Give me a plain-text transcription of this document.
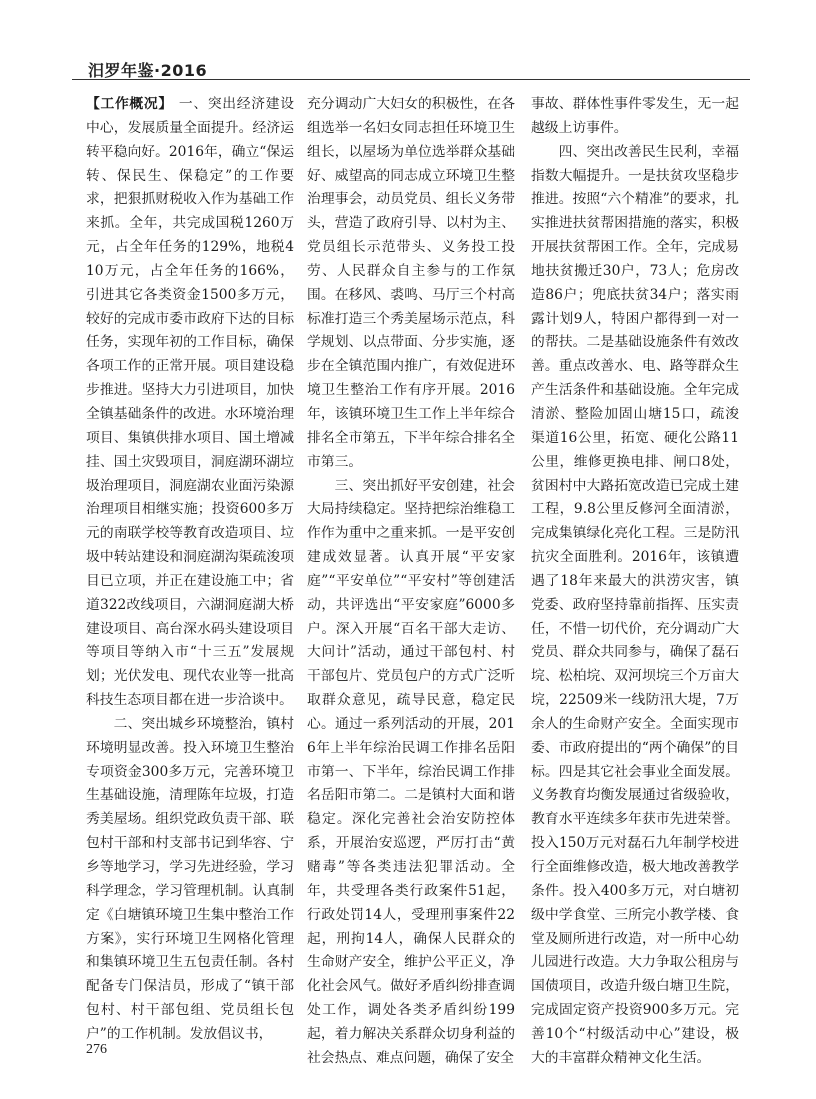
汨罗年鉴·2016

【工作概况】 一、突出经济建设中心，发展质量全面提升。经济运转平稳向好。2016年，确立“保运转、保民生、保稳定”的工作要求，把狠抓财税收入作为基础工作来抓。全年，共完成国税1260万元，占全年任务的129%，地税410万元，占全年任务的166%，引进其它各类资金1500多万元，较好的完成市委市政府下达的目标任务，实现年初的工作目标，确保各项工作的正常开展。项目建设稳步推进。坚持大力引进项目，加快全镇基础条件的改进。水环境治理项目、集镇供排水项目、国土增减挂、国土灾毁项目，洞庭湖环湖垃圾治理项目，洞庭湖农业面污染源治理项目相继实施；投资600多万元的南联学校等教育改造项目、垃圾中转站建设和洞庭湖沟渠疏浚项目已立项，并正在建设施工中；省道322改线项目，六湖洞庭湖大桥建设项目、高台深水码头建设项目等项目等纳入市“十三五”发展规划；光伏发电、现代农业等一批高科技生态项目都在进一步洽谈中。

二、突出城乡环境整治，镇村环境明显改善。投入环境卫生整治专项资金300多万元，完善环境卫生基础设施，清理陈年垃圾，打造秀美屋场。组织党政负责干部、联包村干部和村支部书记到华容、宁乡等地学习，学习先进经验，学习科学理念，学习管理机制。认真制定《白塘镇环境卫生集中整治工作方案》，实行环境卫生网格化管理和集镇环境卫生五包责任制。各村配备专门保洁员，形成了“镇干部包村、村干部包组、党员组长包户”的工作机制。发放倡议书，

充分调动广大妇女的积极性，在各组选举一名妇女同志担任环境卫生组长，以屋场为单位选举群众基础好、威望高的同志成立环境卫生整治理事会，动员党员、组长义务带头，营造了政府引导、以村为主、党员组长示范带头、义务投工投劳、人民群众自主参与的工作氛围。在移风、裘鸣、马厅三个村高标准打造三个秀美屋场示范点，科学规划、以点带面、分步实施，逐步在全镇范围内推广，有效促进环境卫生整治工作有序开展。2016年，该镇环境卫生工作上半年综合排名全市第五，下半年综合排名全市第三。

三、突出抓好平安创建，社会大局持续稳定。坚持把综治维稳工作作为重中之重来抓。一是平安创建成效显著。认真开展“平安家庭”“平安单位”“平安村”等创建活动，共评选出“平安家庭”6000多户。深入开展“百名干部大走访、大问计”活动，通过干部包村、村干部包片、党员包户的方式广泛听取群众意见，疏导民意，稳定民心。通过一系列活动的开展，2016年上半年综治民调工作排名岳阳市第一、下半年，综治民调工作排名岳阳市第二。二是镇村大面和谐稳定。深化完善社会治安防控体系，开展治安巡逻，严厉打击“黄赌毒”等各类违法犯罪活动。全年，共受理各类行政案件51起，行政处罚14人，受理刑事案件22起，刑拘14人，确保人民群众的生命财产安全，维护公平正义，净化社会风气。做好矛盾纠纷排查调处工作，调处各类矛盾纠纷199起，着力解决关系群众切身利益的社会热点、难点问题，确保了安全

事故、群体性事件零发生，无一起越级上访事件。

四、突出改善民生民利，幸福指数大幅提升。一是扶贫攻坚稳步推进。按照“六个精准”的要求，扎实推进扶贫帮困措施的落实，积极开展扶贫帮困工作。全年，完成易地扶贫搬迁30户，73人；危房改造86户；兜底扶贫34户；落实雨露计划9人，特困户都得到一对一的帮扶。二是基础设施条件有效改善。重点改善水、电、路等群众生产生活条件和基础设施。全年完成清淤、整险加固山塘15口，疏浚渠道16公里，拓宽、硬化公路11公里，维修更换电排、闸口8处，贫困村中大路拓宽改造已完成土建工程，9.8公里反修河全面清淤，完成集镇绿化亮化工程。三是防汛抗灾全面胜利。2016年，该镇遭遇了18年来最大的洪涝灾害，镇党委、政府坚持靠前指挥、压实责任，不惜一切代价，充分调动广大党员、群众共同参与，确保了磊石垸、松柏垸、双河坝垸三个万亩大垸，22509米一线防汛大堤，7万余人的生命财产安全。全面实现市委、市政府提出的“两个确保”的目标。四是其它社会事业全面发展。义务教育均衡发展通过省级验收，教育水平连续多年获市先进荣誉。投入150万元对磊石九年制学校进行全面维修改造，极大地改善教学条件。投入400多万元，对白塘初级中学食堂、三所完小教学楼、食堂及厕所进行改造，对一所中心幼儿园进行改造。大力争取公租房与国债项目，改造升级白塘卫生院，完成固定资产投资900多万元。完善10个“村级活动中心”建设，极大的丰富群众精神文化生活。

276
